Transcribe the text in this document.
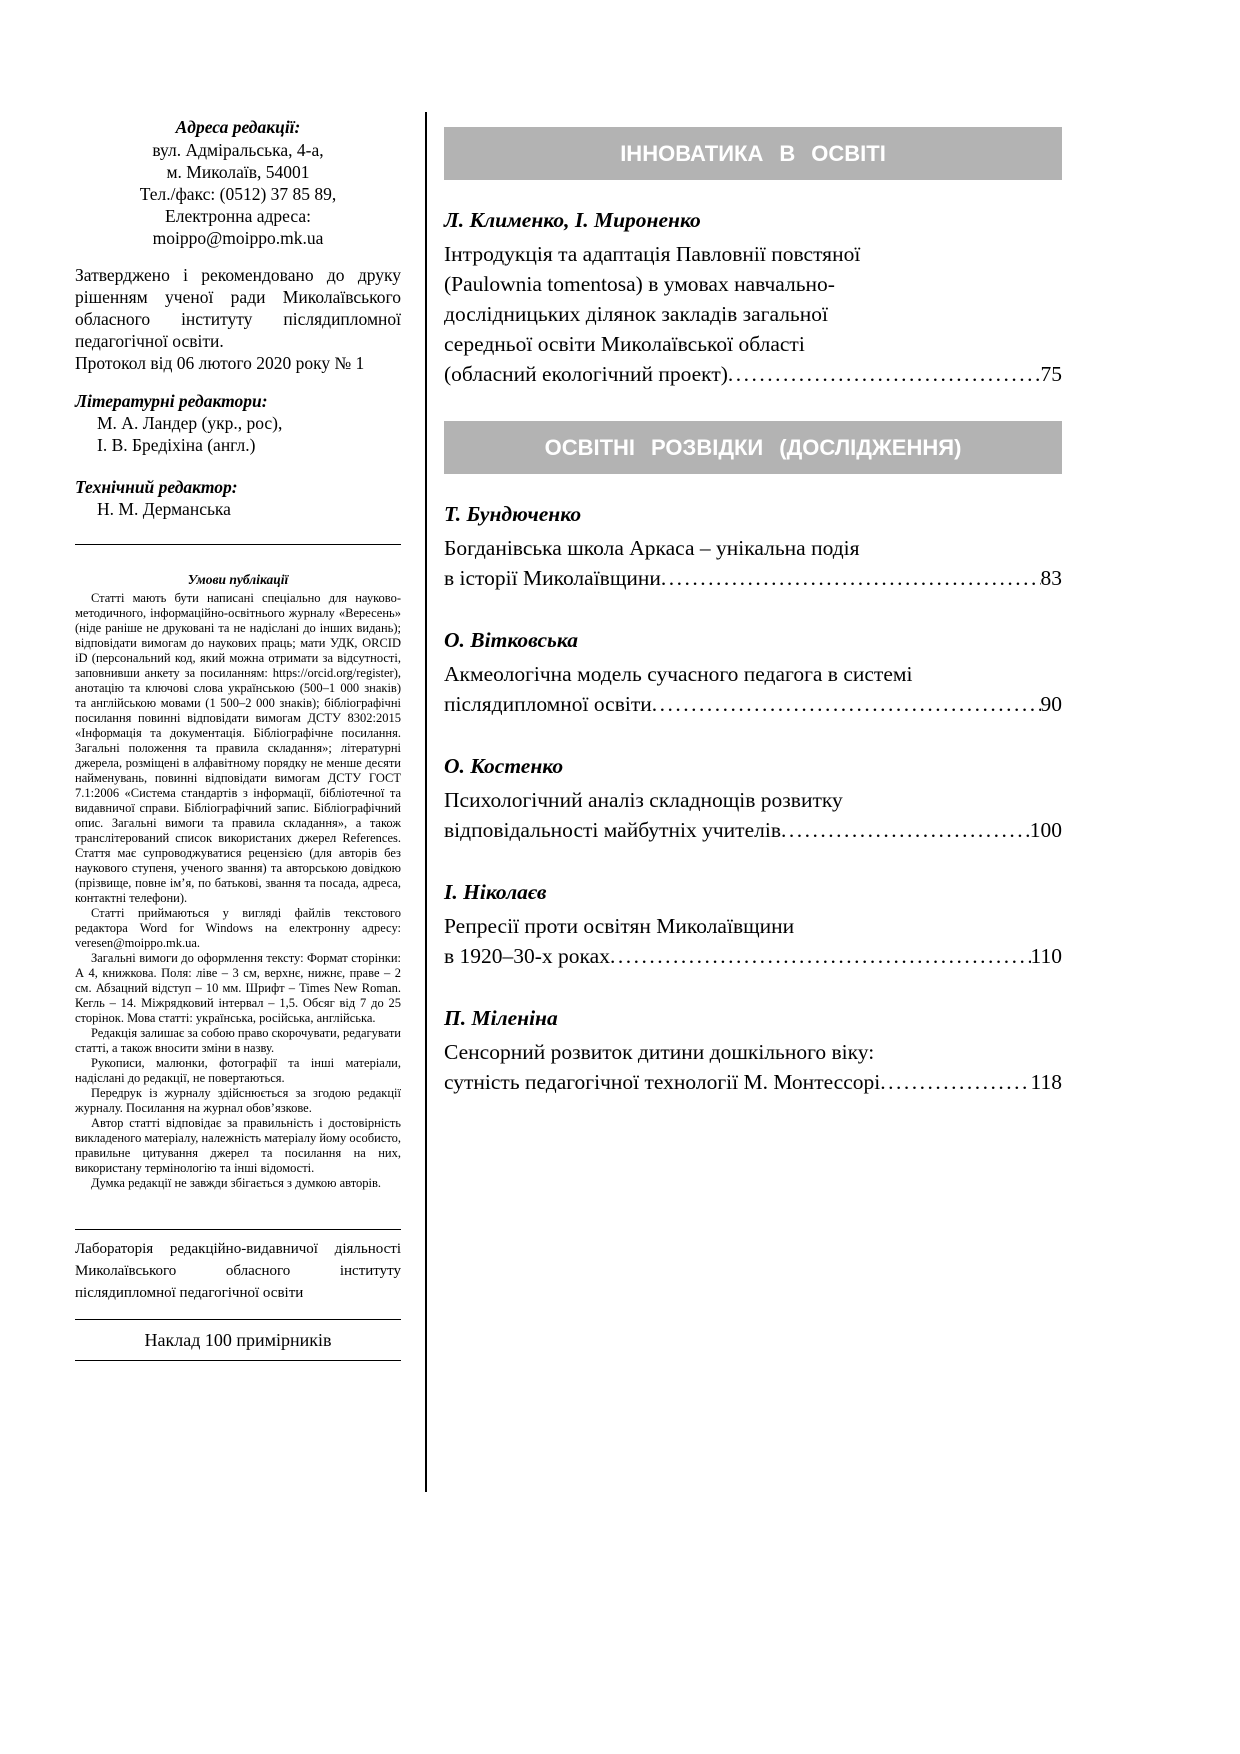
Адреса редакції:
вул. Адміральська, 4-а,
м. Миколаїв, 54001
Тел./факс: (0512) 37 85 89,
Електронна адреса:
moippo@moippo.mk.ua
Затверджено і рекомендовано до друку рішенням ученої ради Миколаївського обласного інституту післядипломної педагогічної освіти.
Протокол від 06 лютого 2020 року № 1
Літературні редактори:
М. А. Ландер (укр., рос),
І. В. Бредіхіна (англ.)
Технічний редактор:
Н. М. Дерманська
Умови публікації

Статті мають бути написані спеціально для науково-методичного, інформаційно-освітнього журналу «Вересень» (ніде раніше не друковані та не надіслані до інших видань); відповідати вимогам до наукових праць; мати УДК, ORCID iD (персональний код, який можна отримати за відсутності, заповнивши анкету за посиланням: https://orcid.org/register), анотацію та ключові слова українською (500–1 000 знаків) та англійською мовами (1 500–2 000 знаків); бібліографічні посилання повинні відповідати вимогам ДСТУ 8302:2015 «Інформація та документація. Бібліографічне посилання. Загальні положення та правила складання»; літературні джерела, розміщені в алфавітному порядку не менше десяти найменувань, повинні відповідати вимогам ДСТУ ГОСТ 7.1:2006 «Система стандартів з інформації, бібліотечної та видавничої справи. Бібліографічний запис. Бібліографічний опис. Загальні вимоги та правила складання», а також транслітерований список використаних джерел References. Стаття має супроводжуватися рецензією (для авторів без наукового ступеня, ученого звання) та авторською довідкою (прізвище, повне ім’я, по батькові, звання та посада, адреса, контактні телефони).

Статті приймаються у вигляді файлів текстового редактора Word for Windows на електронну адресу: veresen@moippo.mk.ua.

Загальні вимоги до оформлення тексту: Формат сторінки: А 4, книжкова. Поля: ліве – 3 см, верхнє, нижнє, праве – 2 см. Абзацний відступ – 10 мм. Шрифт – Times New Roman. Кегль – 14. Міжрядковий інтервал – 1,5. Обсяг від 7 до 25 сторінок. Мова статті: українська, російська, англійська.

Редакція залишає за собою право скорочувати, редагувати статті, а також вносити зміни в назву.

Рукописи, малюнки, фотографії та інші матеріали, надіслані до редакції, не повертаються.

Передрук із журналу здійснюється за згодою редакції журналу. Посилання на журнал обов’язкове.

Автор статті відповідає за правильність і достовірність викладеного матеріалу, належність матеріалу йому особисто, правильне цитування джерел та посилання на них, використану термінологію та інші відомості.

Думка редакції не завжди збігається з думкою авторів.

Лабораторія редакційно-видавничої діяльності Миколаївського обласного інституту післядипломної педагогічної освіти
Наклад 100 примірників
ІННОВАТИКА В ОСВІТІ
Л. Клименко, І. Мироненко
Інтродукція та адаптація Павловнії повстяної
(Paulownia tomentosa) в умовах навчально-
дослідницьких ділянок закладів загальної
середньої освіти Миколаївської області
(обласний екологічний проект) .....	75
ОСВІТНІ РОЗВІДКИ (ДОСЛІДЖЕННЯ)
Т. Бундюченко
Богданівська школа Аркаса – унікальна подія
в історії Миколаївщини .....	83
О. Вітковська
Акмеологічна модель сучасного педагога в системі
післядипломної освіти .....	90
О. Костенко
Психологічний аналіз складнощів розвитку
відповідальності майбутніх учителів .....	100
І. Ніколаєв
Репресії проти освітян Миколаївщини
в 1920–30-х роках .....	110
П. Міленіна
Сенсорний розвиток дитини дошкільного віку:
сутність педагогічної технології М. Монтессорі .....	118
